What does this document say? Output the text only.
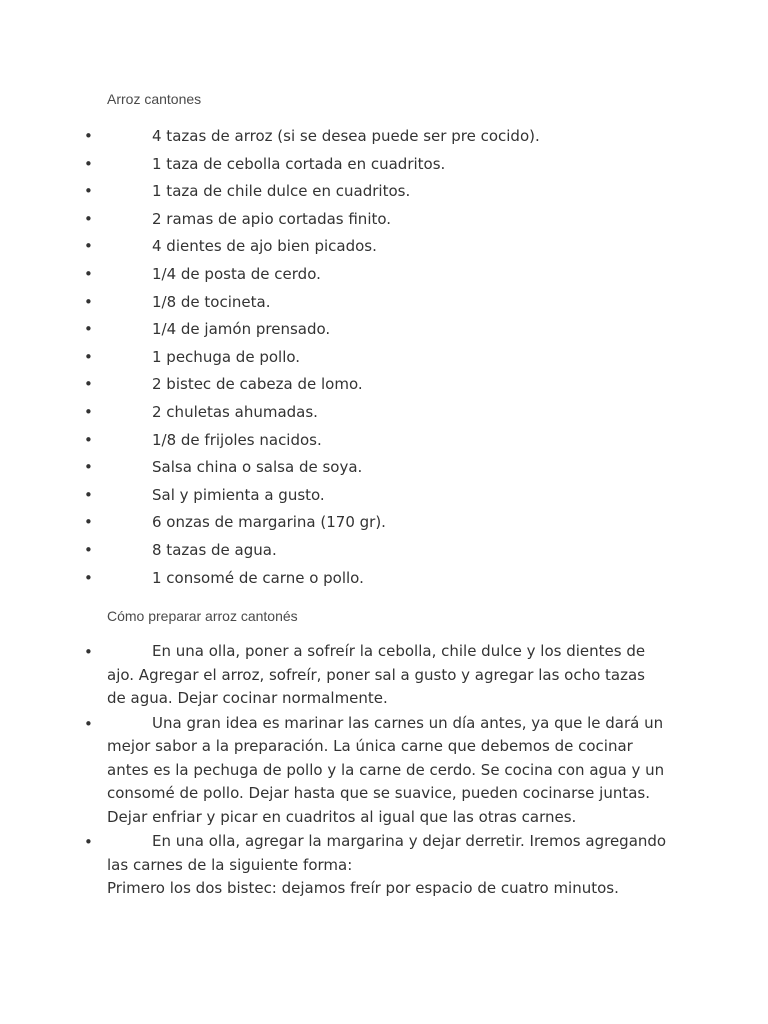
Arroz cantones
•	4 tazas de arroz (si se desea puede ser pre cocido).
•	1 taza de cebolla cortada en cuadritos.
•	1 taza de chile dulce en cuadritos.
•	2 ramas de apio cortadas finito.
•	4 dientes de ajo bien picados.
•	1/4 de posta de cerdo.
•	1/8 de tocineta.
•	1/4 de jamón prensado.
•	1 pechuga de pollo.
•	2 bistec de cabeza de lomo.
•	2 chuletas ahumadas.
•	1/8 de frijoles nacidos.
•	Salsa china o salsa de soya.
•	Sal y pimienta a gusto.
•	6 onzas de margarina (170 gr).
•	8 tazas de agua.
•	1 consomé de carne o pollo.
Cómo preparar arroz cantonés
•	En una olla, poner a sofreír la cebolla, chile dulce y los dientes de ajo. Agregar el arroz, sofreír, poner sal a gusto y agregar las ocho tazas de agua. Dejar cocinar normalmente.
•	Una gran idea es marinar las carnes un día antes, ya que le dará un mejor sabor a la preparación. La única carne que debemos de cocinar antes es la pechuga de pollo y la carne de cerdo. Se cocina con agua y un consomé de pollo. Dejar hasta que se suavice, pueden cocinarse juntas. Dejar enfriar y picar en cuadritos al igual que las otras carnes.
•	En una olla, agregar la margarina y dejar derretir. Iremos agregando las carnes de la siguiente forma:
Primero los dos bistec: dejamos freír por espacio de cuatro minutos.
